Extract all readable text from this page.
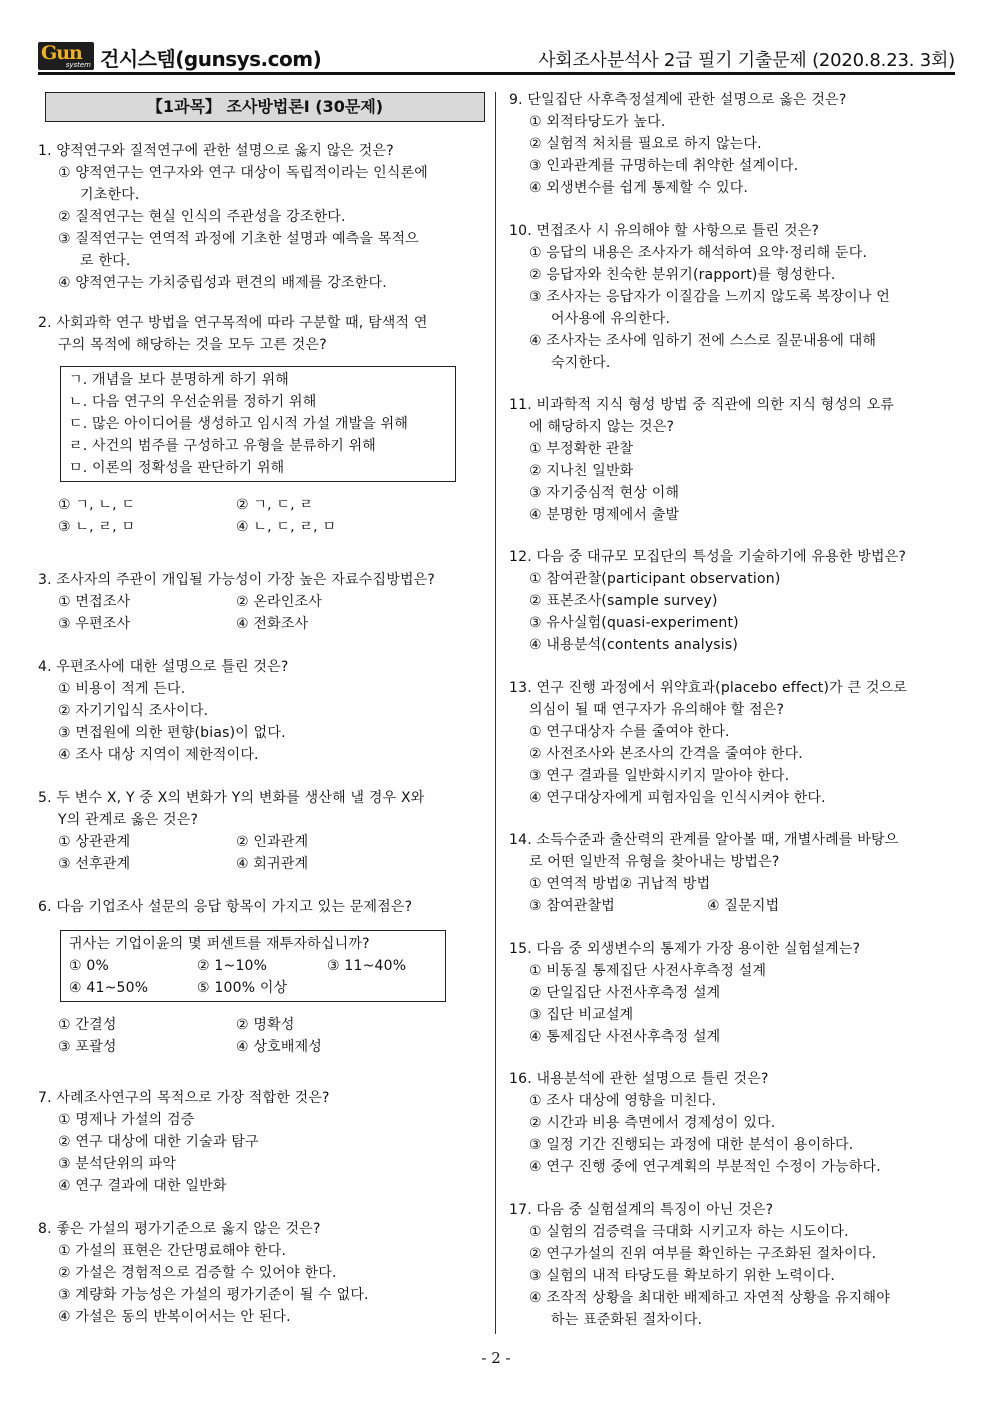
Gun
system 건시스템(gunsys.com)	사회조사분석사 2급 필기 기출문제 (2020.8.23. 3회)
【1과목】 조사방법론Ⅰ (30문제)
1. 양적연구와 질적연구에 관한 설명으로 옳지 않은 것은?
① 양적연구는 연구자와 연구 대상이 독립적이라는 인식론에
기초한다.
② 질적연구는 현실 인식의 주관성을 강조한다.
③ 질적연구는 연역적 과정에 기초한 설명과 예측을 목적으
로 한다.
④ 양적연구는 가치중립성과 편견의 배제를 강조한다.
2. 사회과학 연구 방법을 연구목적에 따라 구분할 때, 탐색적 연
구의 목적에 해당하는 것을 모두 고른 것은?
ㄱ. 개념을 보다 분명하게 하기 위해
ㄴ. 다음 연구의 우선순위를 정하기 위해
ㄷ. 많은 아이디어를 생성하고 임시적 가설 개발을 위해
ㄹ. 사건의 범주를 구성하고 유형을 분류하기 위해
ㅁ. 이론의 정확성을 판단하기 위해
① ㄱ, ㄴ, ㄷ	② ㄱ, ㄷ, ㄹ
③ ㄴ, ㄹ, ㅁ	④ ㄴ, ㄷ, ㄹ, ㅁ
3. 조사자의 주관이 개입될 가능성이 가장 높은 자료수집방법은?
① 면접조사	② 온라인조사
③ 우편조사	④ 전화조사
4. 우편조사에 대한 설명으로 틀린 것은?
① 비용이 적게 든다.
② 자기기입식 조사이다.
③ 면접원에 의한 편향(bias)이 없다.
④ 조사 대상 지역이 제한적이다.
5. 두 변수 X, Y 중 X의 변화가 Y의 변화를 생산해 낼 경우 X와
Y의 관계로 옳은 것은?
① 상관관계	② 인과관계
③ 선후관계	④ 회귀관계
6. 다음 기업조사 설문의 응답 항목이 가지고 있는 문제점은?
귀사는 기업이윤의 몇 퍼센트를 재투자하십니까?
① 0%	② 1~10%	③ 11~40%
④ 41~50%	⑤ 100% 이상
① 간결성	② 명확성
③ 포괄성	④ 상호배제성
7. 사례조사연구의 목적으로 가장 적합한 것은?
① 명제나 가설의 검증
② 연구 대상에 대한 기술과 탐구
③ 분석단위의 파악
④ 연구 결과에 대한 일반화
8. 좋은 가설의 평가기준으로 옳지 않은 것은?
① 가설의 표현은 간단명료해야 한다.
② 가설은 경험적으로 검증할 수 있어야 한다.
③ 계량화 가능성은 가설의 평가기준이 될 수 없다.
④ 가설은 동의 반복이어서는 안 된다.
9. 단일집단 사후측정설계에 관한 설명으로 옳은 것은?
① 외적타당도가 높다.
② 실험적 처치를 필요로 하지 않는다.
③ 인과관계를 규명하는데 취약한 설계이다.
④ 외생변수를 쉽게 통제할 수 있다.
10. 면접조사 시 유의해야 할 사항으로 틀린 것은?
① 응답의 내용은 조사자가 해석하여 요약·정리해 둔다.
② 응답자와 친숙한 분위기(rapport)를 형성한다.
③ 조사자는 응답자가 이질감을 느끼지 않도록 복장이나 언
어사용에 유의한다.
④ 조사자는 조사에 임하기 전에 스스로 질문내용에 대해
숙지한다.
11. 비과학적 지식 형성 방법 중 직관에 의한 지식 형성의 오류
에 해당하지 않는 것은?
① 부정확한 관찰
② 지나친 일반화
③ 자기중심적 현상 이해
④ 분명한 명제에서 출발
12. 다음 중 대규모 모집단의 특성을 기술하기에 유용한 방법은?
① 참여관찰(participant observation)
② 표본조사(sample survey)
③ 유사실험(quasi-experiment)
④ 내용분석(contents analysis)
13. 연구 진행 과정에서 위약효과(placebo effect)가 큰 것으로
의심이 될 때 연구자가 유의해야 할 점은?
① 연구대상자 수를 줄여야 한다.
② 사전조사와 본조사의 간격을 줄여야 한다.
③ 연구 결과를 일반화시키지 말아야 한다.
④ 연구대상자에게 피험자임을 인식시켜야 한다.
14. 소득수준과 출산력의 관계를 알아볼 때, 개별사례를 바탕으
로 어떤 일반적 유형을 찾아내는 방법은?
① 연역적 방법② 귀납적 방법
③ 참여관찰법	④ 질문지법
15. 다음 중 외생변수의 통제가 가장 용이한 실험설계는?
① 비동질 통제집단 사전사후측정 설계
② 단일집단 사전사후측정 설계
③ 집단 비교설계
④ 통제집단 사전사후측정 설계
16. 내용분석에 관한 설명으로 틀린 것은?
① 조사 대상에 영향을 미친다.
② 시간과 비용 측면에서 경제성이 있다.
③ 일정 기간 진행되는 과정에 대한 분석이 용이하다.
④ 연구 진행 중에 연구계획의 부분적인 수정이 가능하다.
17. 다음 중 실험설계의 특징이 아닌 것은?
① 실험의 검증력을 극대화 시키고자 하는 시도이다.
② 연구가설의 진위 여부를 확인하는 구조화된 절차이다.
③ 실험의 내적 타당도를 확보하기 위한 노력이다.
④ 조작적 상황을 최대한 배제하고 자연적 상황을 유지해야
하는 표준화된 절차이다.
- 2 -
